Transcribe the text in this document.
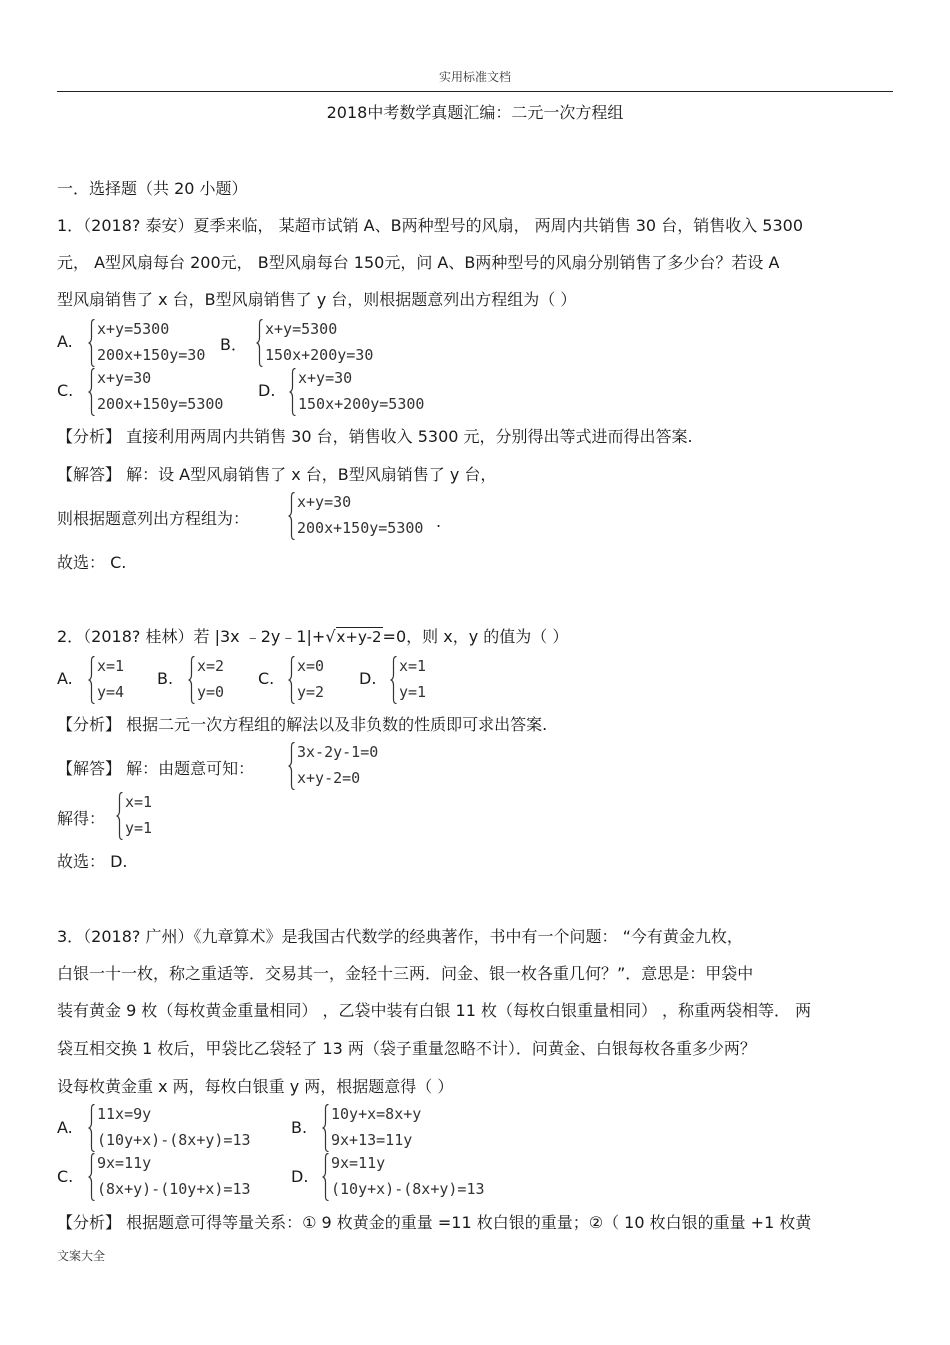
实用标准文档
2018中考数学真题汇编：二元一次方程组
一．选择题（共 20 小题）
1．（2018? 泰安）夏季来临， 某超市试销 A、B两种型号的风扇， 两周内共销售 30 台，销售收入 5300
元， A型风扇每台 200元， B型风扇每台 150元，问 A、B两种型号的风扇分别销售了多少台？若设 A
型风扇销售了 x 台，B型风扇销售了 y 台，则根据题意列出方程组为（ ）
A.
x+y=5300
200x+150y=30
B．
x+y=5300
150x+200y=30
C.
x+y=30
200x+150y=5300
D.
x+y=30
150x+200y=5300
【分析】 直接利用两周内共销售 30 台，销售收入 5300 元，分别得出等式进而得出答案.
【解答】 解：设 A型风扇销售了 x 台，B型风扇销售了 y 台，
则根据题意列出方程组为：
x+y=30
200x+150y=5300 .
故选： C.
2．（2018? 桂林）若 |3x ﹣2y﹣1|+√x+y-2=0，则 x，y 的值为（ ）
A.
x=1
y=4
B.
x=2
y=0
C.
x=0
y=2
D.
x=1
y=1
【分析】 根据二元一次方程组的解法以及非负数的性质即可求出答案.
【解答】 解：由题意可知：
3x-2y-1=0
x+y-2=0
解得：
x=1
y=1
故选： D.
3．（2018? 广州）《九章算术》是我国古代数学的经典著作，书中有一个问题： “今有黄金九枚，
白银一十一枚，称之重适等．交易其一，金轻十三两．问金、银一枚各重几何？”．意思是：甲袋中
装有黄金 9 枚（每枚黄金重量相同） ，乙袋中装有白银 11 枚（每枚白银重量相同） ，称重两袋相等． 两
袋互相交换 1 枚后，甲袋比乙袋轻了 13 两（袋子重量忽略不计）．问黄金、白银每枚各重多少两？
设每枚黄金重 x 两，每枚白银重 y 两，根据题意得（ ）
A.
11x=9y
(10y+x)-(8x+y)=13
B.
10y+x=8x+y
9x+13=11y
C.
9x=11y
(8x+y)-(10y+x)=13
D.
9x=11y
(10y+x)-(8x+y)=13
【分析】 根据题意可得等量关系：① 9 枚黄金的重量 =11 枚白银的重量；②（ 10 枚白银的重量 +1 枚黄
文案大全
